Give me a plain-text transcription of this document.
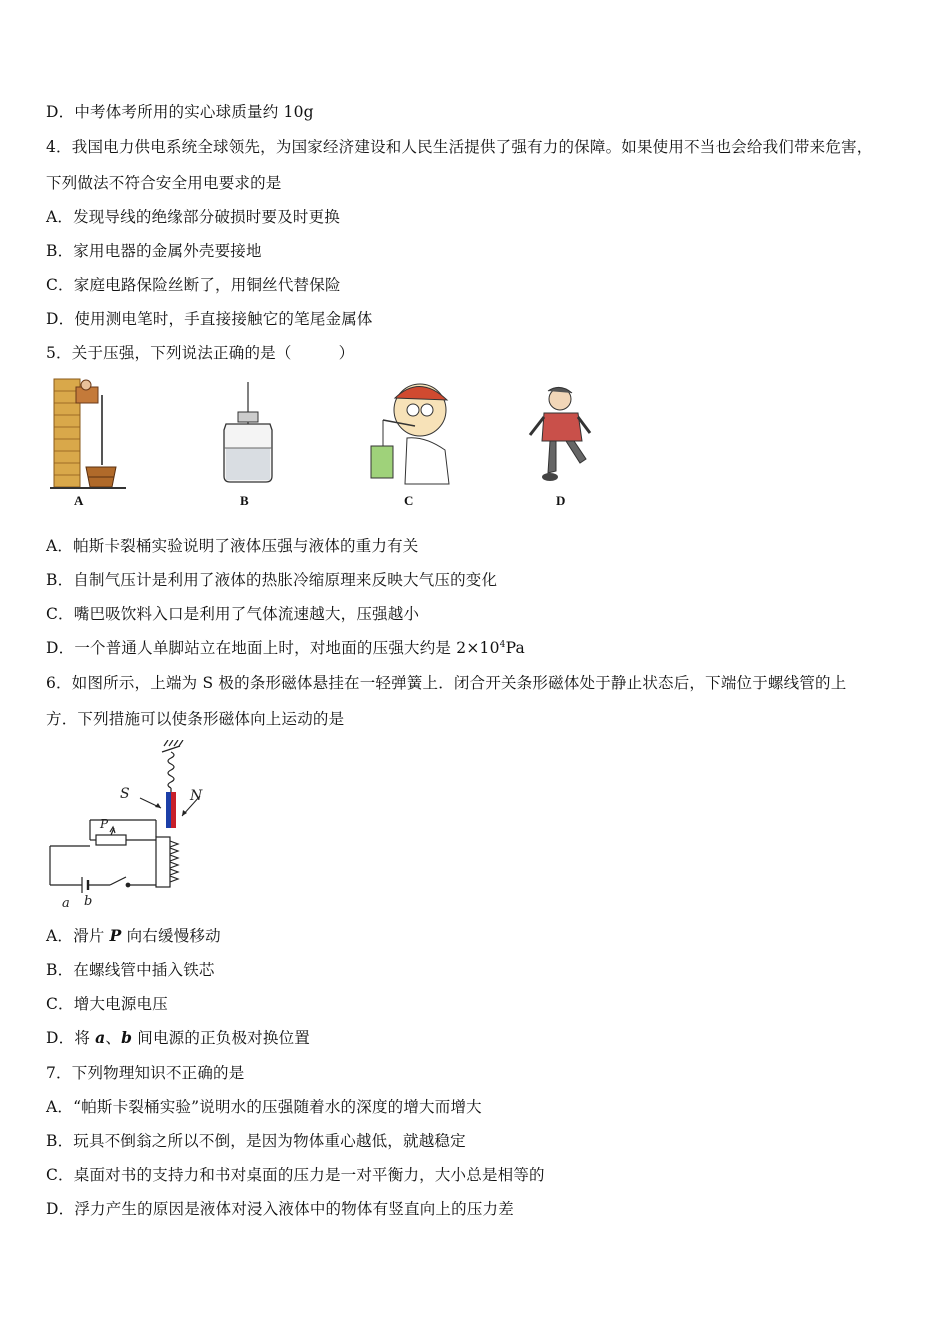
D．中考体考所用的实心球质量约 10g
4．我国电力供电系统全球领先，为国家经济建设和人民生活提供了强有力的保障。如果使用不当也会给我们带来危害，
下列做法不符合安全用电要求的是
A．发现导线的绝缘部分破损时要及时更换
B．家用电器的金属外壳要接地
C．家庭电路保险丝断了，用铜丝代替保险
D．使用测电笔时，手直接接触它的笔尾金属体
5．关于压强，下列说法正确的是（　　　）
A	B	C	D
A．帕斯卡裂桶实验说明了液体压强与液体的重力有关
B．自制气压计是利用了液体的热胀冷缩原理来反映大气压的变化
C．嘴巴吸饮料入口是利用了气体流速越大，压强越小
D．一个普通人单脚站立在地面上时，对地面的压强大约是 $2\times 10^4Pa$
6．如图所示，上端为 S 极的条形磁体悬挂在一轻弹簧上．闭合开关条形磁体处于静止状态后，下端位于螺线管的上
方．下列措施可以使条形磁体向上运动的是
S	N
P
a b
A．滑片 P 向右缓慢移动
B．在螺线管中插入铁芯
C．增大电源电压
D．将 a、b 间电源的正负极对换位置
7．下列物理知识不正确的是
A．“帕斯卡裂桶实验”说明水的压强随着水的深度的增大而增大
B．玩具不倒翁之所以不倒，是因为物体重心越低，就越稳定
C．桌面对书的支持力和书对桌面的压力是一对平衡力，大小总是相等的
D．浮力产生的原因是液体对浸入液体中的物体有竖直向上的压力差
